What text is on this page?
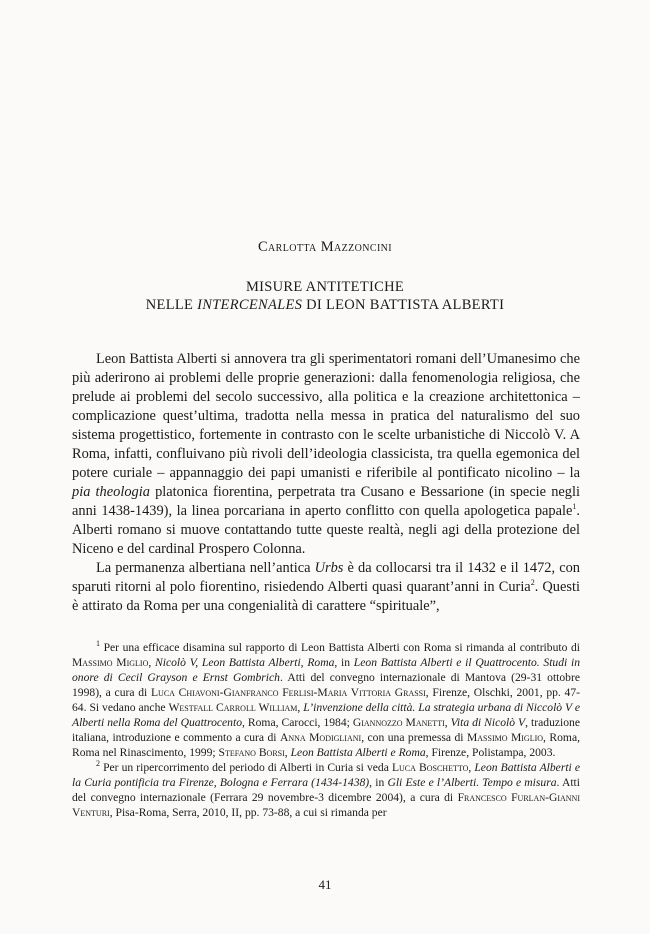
Carlotta Mazzoncini
MISURE ANTITETICHE
NELLE INTERCENALES DI LEON BATTISTA ALBERTI

Leon Battista Alberti si annovera tra gli sperimentatori romani dell’Umanesimo che più aderirono ai problemi delle proprie generazioni: dalla fenomenologia religiosa, che prelude ai problemi del secolo successivo, alla politica e la creazione architettonica – complicazione quest’ultima, tradotta nella messa in pratica del naturalismo del suo sistema progettistico, fortemente in contrasto con le scelte urbanistiche di Niccolò V. A Roma, infatti, confluivano più rivoli dell’ideologia classicista, tra quella egemonica del potere curiale – appannaggio dei papi umanisti e riferibile al pontificato nicolino – la pia theologia platonica fiorentina, perpetrata tra Cusano e Bessarione (in specie negli anni 1438-1439), la linea porcariana in aperto conflitto con quella apologetica papale$^1$. Alberti romano si muove contattando tutte queste realtà, negli agi della protezione del Niceno e del cardinal Prospero Colonna.

La permanenza albertiana nell’antica Urbs è da collocarsi tra il 1432 e il 1472, con sparuti ritorni al polo fiorentino, risiedendo Alberti quasi quarant’anni in Curia$^2$. Questi è attirato da Roma per una congenialità di carattere “spirituale”,

$^1$ Per una efficace disamina sul rapporto di Leon Battista Alberti con Roma si rimanda al contributo di Massimo Miglio, Nicolò V, Leon Battista Alberti, Roma, in Leon Battista Alberti e il Quattrocento. Studi in onore di Cecil Grayson e Ernst Gombrich. Atti del convegno internazionale di Mantova (29-31 ottobre 1998), a cura di Luca Chiavoni-Gianfranco Ferlisi-Maria Vittoria Grassi, Firenze, Olschki, 2001, pp. 47-64. Si vedano anche Westfall Carroll William, L’invenzione della città. La strategia urbana di Niccolò V e Alberti nella Roma del Quattrocento, Roma, Carocci, 1984; Giannozzo Manetti, Vita di Nicolò V, traduzione italiana, introduzione e commento a cura di Anna Modigliani, con una premessa di Massimo Miglio, Roma, Roma nel Rinascimento, 1999; Stefano Borsi, Leon Battista Alberti e Roma, Firenze, Polistampa, 2003.

$^2$ Per un ripercorrimento del periodo di Alberti in Curia si veda Luca Boschetto, Leon Battista Alberti e la Curia pontificia tra Firenze, Bologna e Ferrara (1434-1438), in Gli Este e l’Alberti. Tempo e misura. Atti del convegno internazionale (Ferrara 29 novembre-3 dicembre 2004), a cura di Francesco Furlan-Gianni Venturi, Pisa-Roma, Serra, 2010, II, pp. 73-88, a cui si rimanda per

41
